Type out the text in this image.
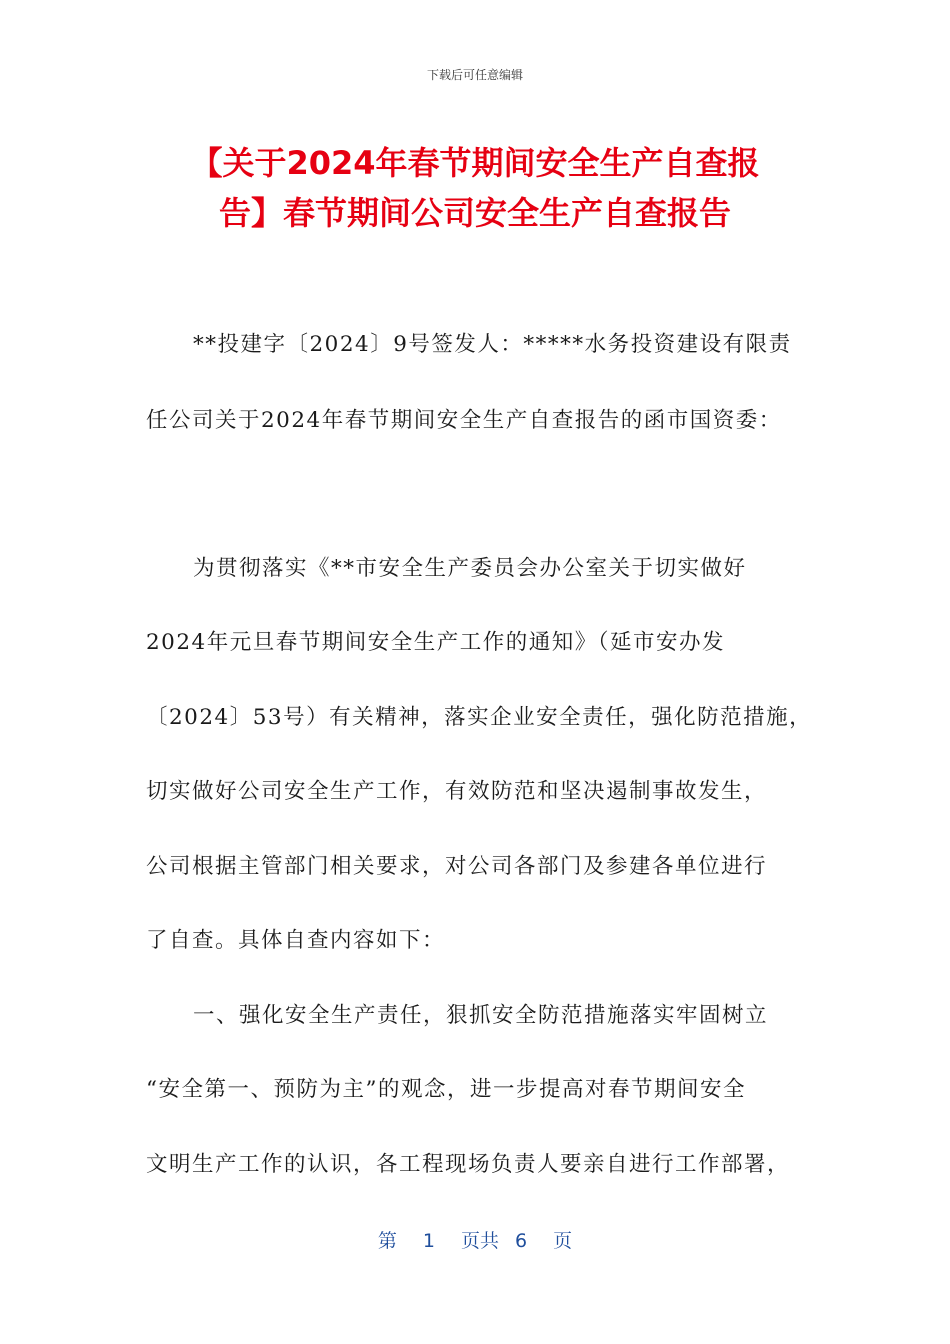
下载后可任意编辑
【关于2024年春节期间安全生产自查报
告】春节期间公司安全生产自查报告
**投建字〔2024〕9号签发人：*****水务投资建设有限责
任公司关于2024年春节期间安全生产自查报告的函市国资委：
为贯彻落实《**市安全生产委员会办公室关于切实做好
2024年元旦春节期间安全生产工作的通知》（延市安办发
〔2024〕53号）有关精神，落实企业安全责任，强化防范措施，
切实做好公司安全生产工作，有效防范和坚决遏制事故发生，
公司根据主管部门相关要求，对公司各部门及参建各单位进行
了自查。具体自查内容如下：
一、强化安全生产责任，狠抓安全防范措施落实牢固树立
“安全第一、预防为主”的观念，进一步提高对春节期间安全
文明生产工作的认识，各工程现场负责人要亲自进行工作部署，
第 1 页共 6 页
